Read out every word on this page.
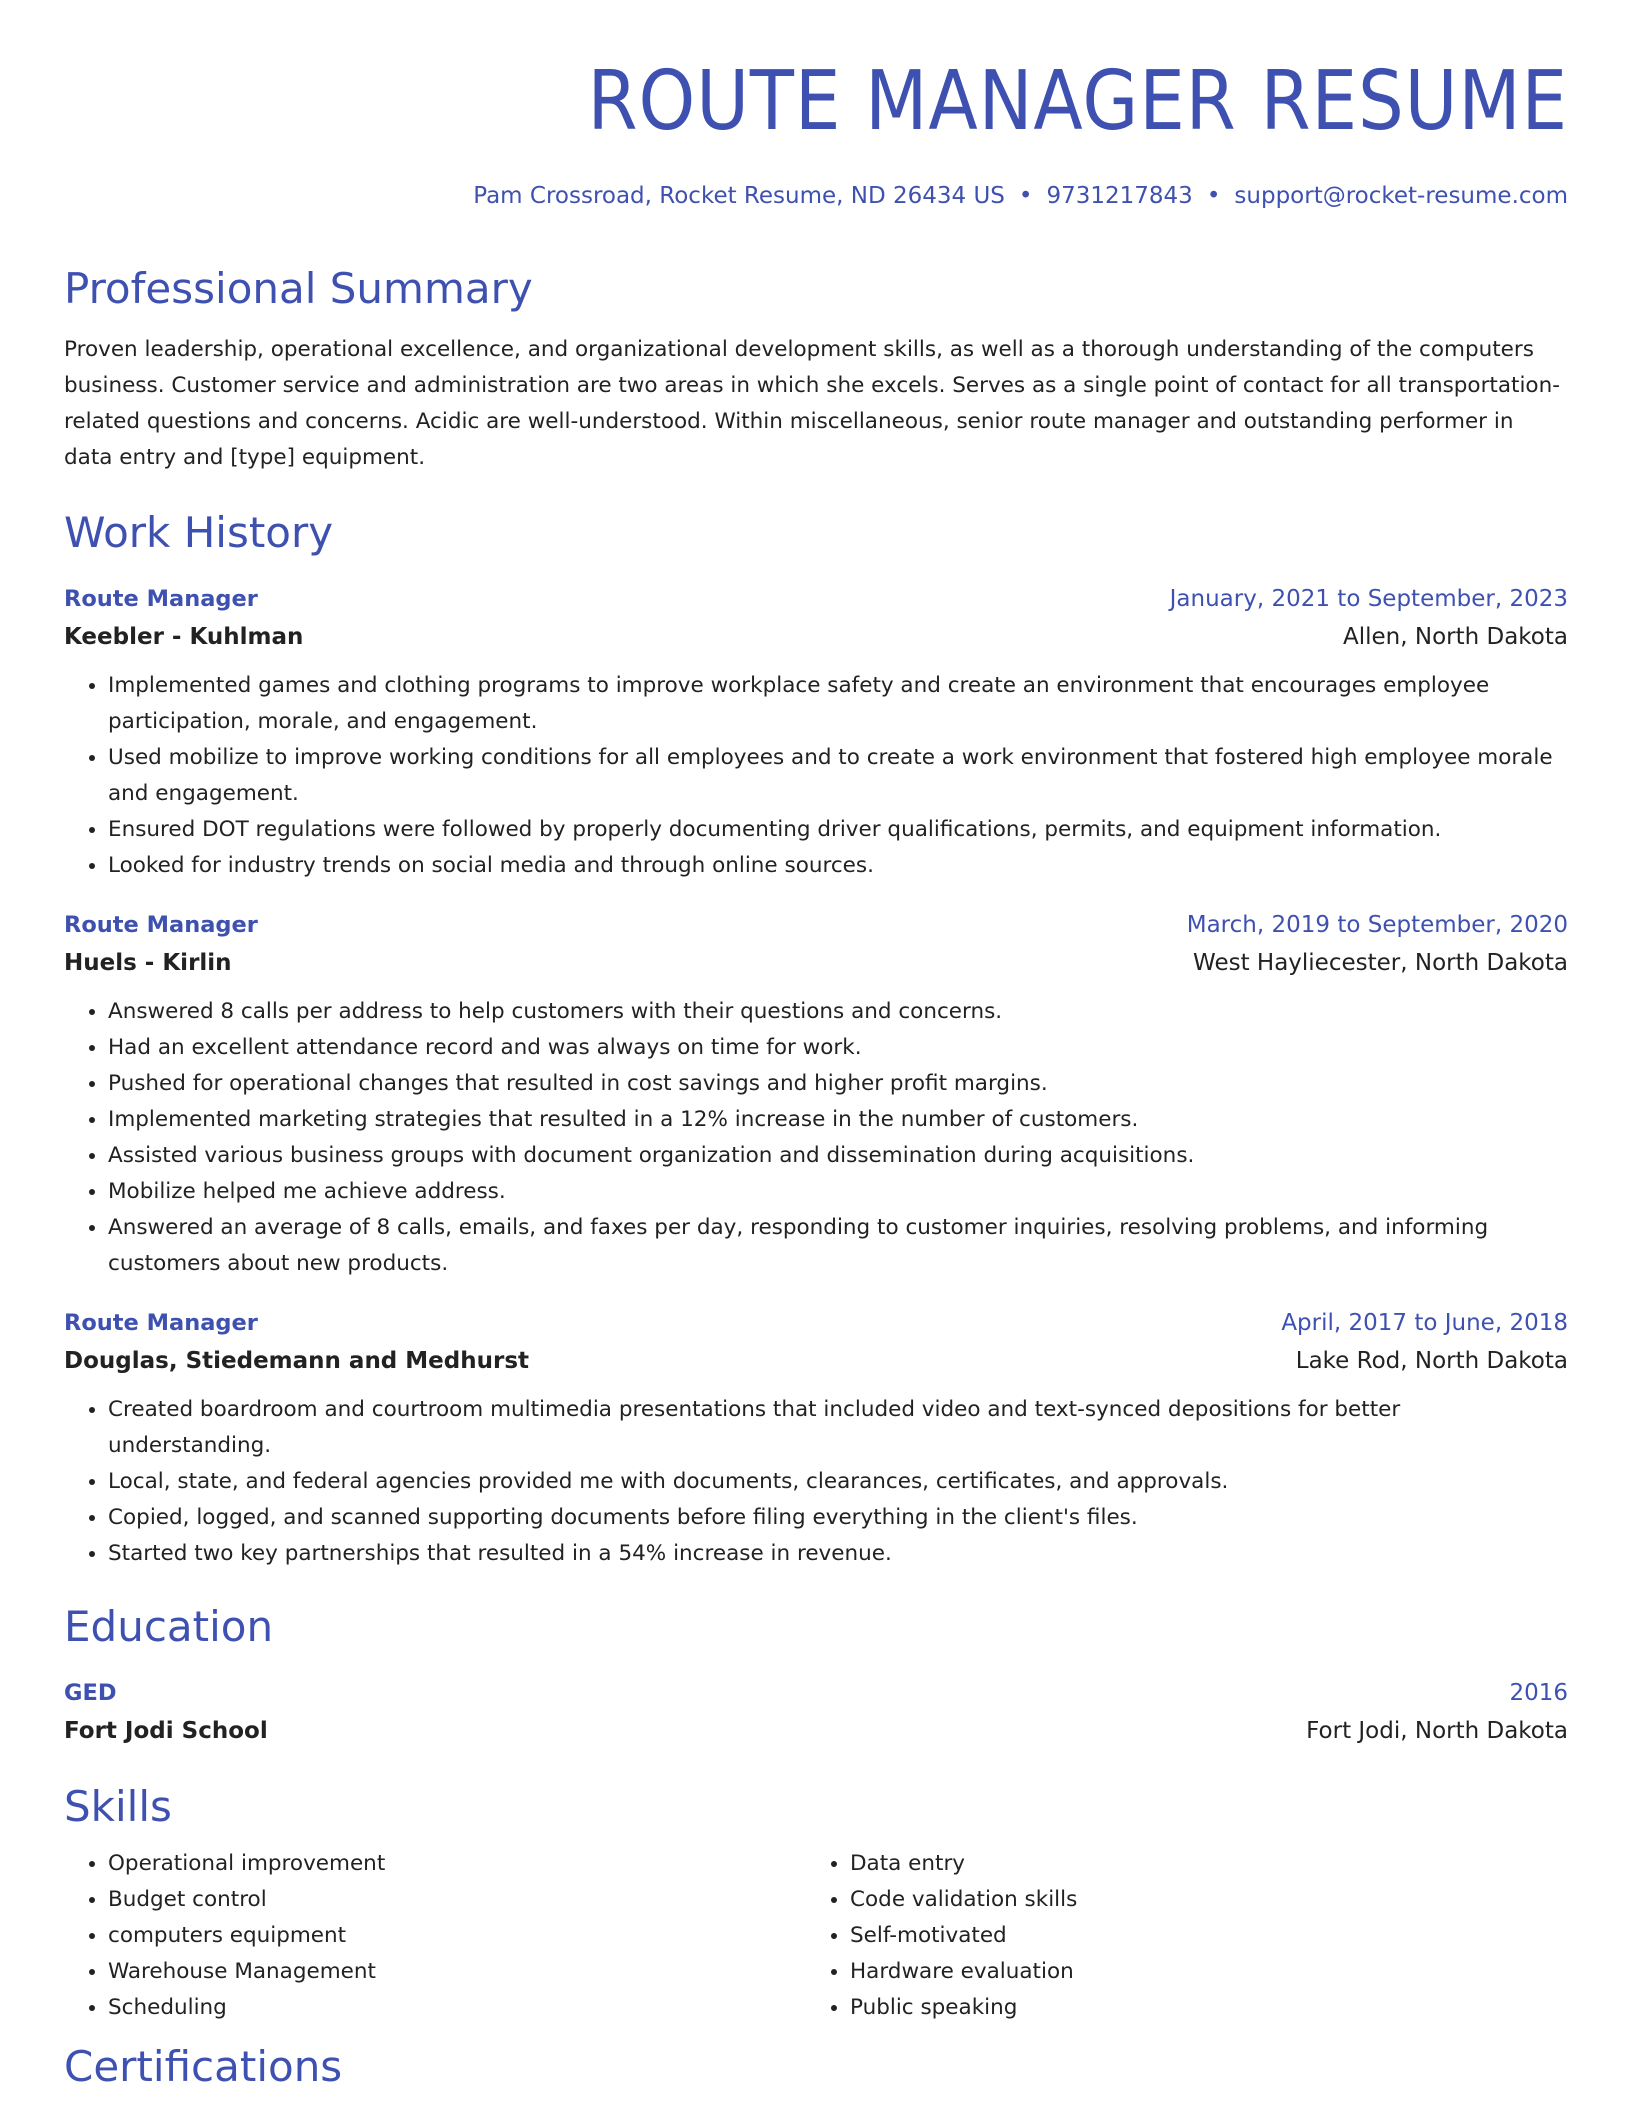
ROUTE MANAGER RESUME
Pam Crossroad, Rocket Resume, ND 26434 US • 9731217843 • support@rocket-resume.com
Professional Summary
Proven leadership, operational excellence, and organizational development skills, as well as a thorough understanding of the computers business. Customer service and administration are two areas in which she excels. Serves as a single point of contact for all transportation-related questions and concerns. Acidic are well-understood. Within miscellaneous, senior route manager and outstanding performer in data entry and [type] equipment.
Work History
Route Manager	January, 2021 to September, 2023
Keebler - Kuhlman	Allen, North Dakota
• Implemented games and clothing programs to improve workplace safety and create an environment that encourages employee participation, morale, and engagement.
• Used mobilize to improve working conditions for all employees and to create a work environment that fostered high employee morale and engagement.
• Ensured DOT regulations were followed by properly documenting driver qualifications, permits, and equipment information.
• Looked for industry trends on social media and through online sources.
Route Manager	March, 2019 to September, 2020
Huels - Kirlin	West Hayliecester, North Dakota
• Answered 8 calls per address to help customers with their questions and concerns.
• Had an excellent attendance record and was always on time for work.
• Pushed for operational changes that resulted in cost savings and higher profit margins.
• Implemented marketing strategies that resulted in a 12% increase in the number of customers.
• Assisted various business groups with document organization and dissemination during acquisitions.
• Mobilize helped me achieve address.
• Answered an average of 8 calls, emails, and faxes per day, responding to customer inquiries, resolving problems, and informing customers about new products.
Route Manager	April, 2017 to June, 2018
Douglas, Stiedemann and Medhurst	Lake Rod, North Dakota
• Created boardroom and courtroom multimedia presentations that included video and text-synced depositions for better understanding.
• Local, state, and federal agencies provided me with documents, clearances, certificates, and approvals.
• Copied, logged, and scanned supporting documents before filing everything in the client's files.
• Started two key partnerships that resulted in a 54% increase in revenue.
Education
GED	2016
Fort Jodi School	Fort Jodi, North Dakota
Skills
• Operational improvement
• Budget control
• computers equipment
• Warehouse Management
• Scheduling
• Data entry
• Code validation skills
• Self-motivated
• Hardware evaluation
• Public speaking
Certifications
